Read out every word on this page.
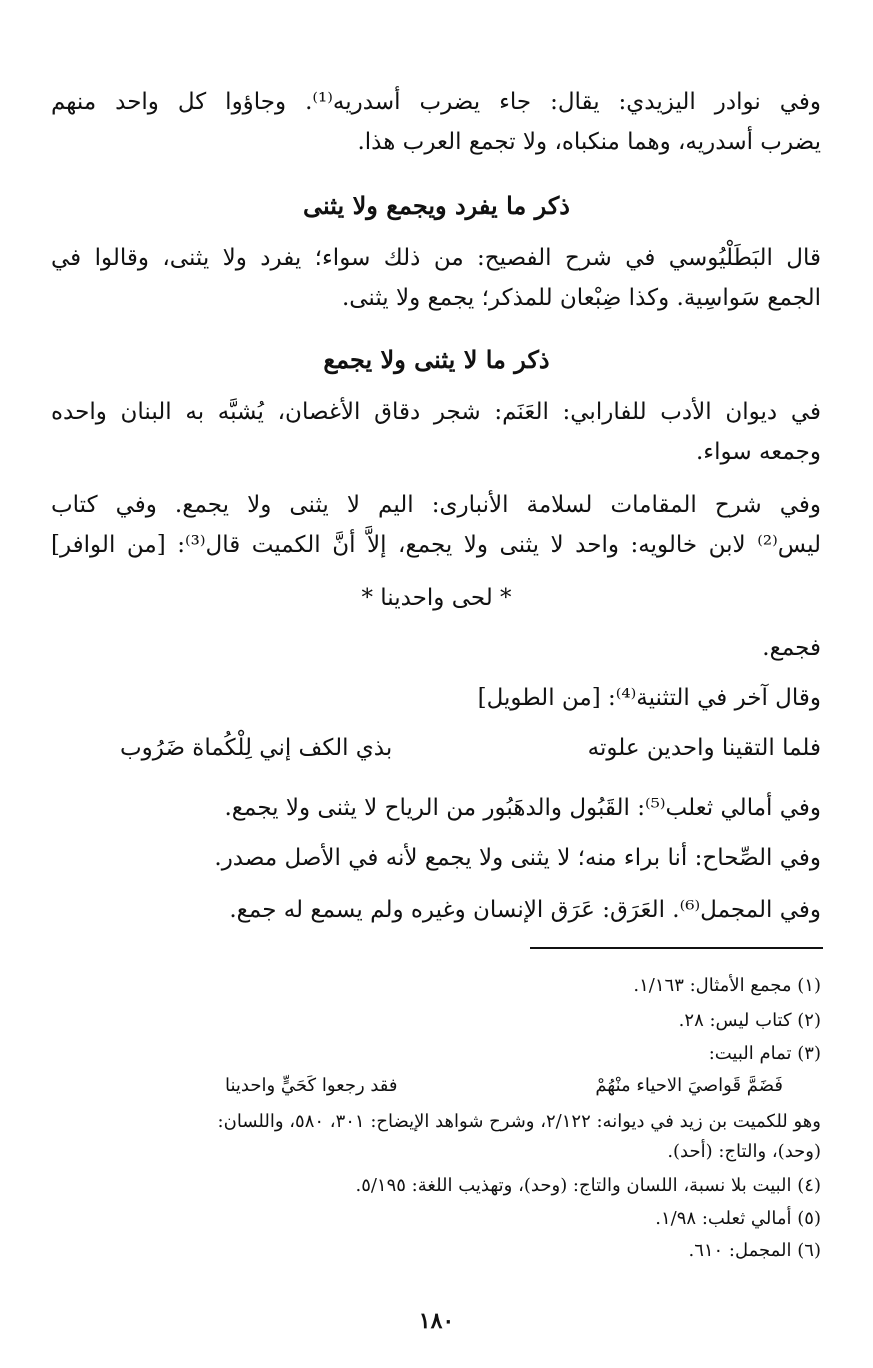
وفي نوادر اليزيدي: يقال: جاء يضرب أسدريه⁽¹⁾. وجاؤوا كل واحد منهم
يضرب أسدريه، وهما منكباه، ولا تجمع العرب هذا.
ذكر ما يفرد ويجمع ولا يثنى
قال البَطَلْيُوسي في شرح الفصيح: من ذلك سواء؛ يفرد ولا يثنى، وقالوا في
الجمع سَواسِية. وكذا ضِبْعان للمذكر؛ يجمع ولا يثنى.
ذكر ما لا يثنى ولا يجمع
في ديوان الأدب للفارابي: العَنَم: شجر دقاق الأغصان، يُشبَّه به البنان واحده
وجمعه سواء.
وفي شرح المقامات لسلامة الأنبارى: اليم لا يثنى ولا يجمع. وفي كتاب
ليس⁽²⁾ لابن خالويه: واحد لا يثنى ولا يجمع، إلاَّ أنَّ الكميت قال⁽³⁾: [من الوافر]
* لحى واحدينا *
فجمع.
وقال آخر في التثنية⁽⁴⁾: [من الطويل]
فلما التقينا واحدين علوته
بذي الكف إني لِلْكُماة ضَرُوب
وفي أمالي ثعلب⁽⁵⁾: القَبُول والدهَبُور من الرياح لا يثنى ولا يجمع.
وفي الصِّحاح: أنا براء منه؛ لا يثنى ولا يجمع لأنه في الأصل مصدر.
وفي المجمل⁽⁶⁾. العَرَق: عَرَق الإنسان وغيره ولم يسمع له جمع.
(١) مجمع الأمثال: ١/١٦٣.
(٢) كتاب ليس: ٢٨.
(٣) تمام البيت:
فَضَمَّ قَواصيَ الاحياء منْهُمْ
فقد رجعوا كَحَيٍّ واحدينا
وهو للكميت بن زيد في ديوانه: ٢/١٢٢، وشرح شواهد الإيضاح: ٣٠١، ٥٨٠، واللسان:
(وحد)، والتاج: (أحد).
(٤) البيت بلا نسبة، اللسان والتاج: (وحد)، وتهذيب اللغة: ٥/١٩٥.
(٥) أمالي ثعلب: ١/٩٨.
(٦) المجمل: ٦١٠.
١٨٠
